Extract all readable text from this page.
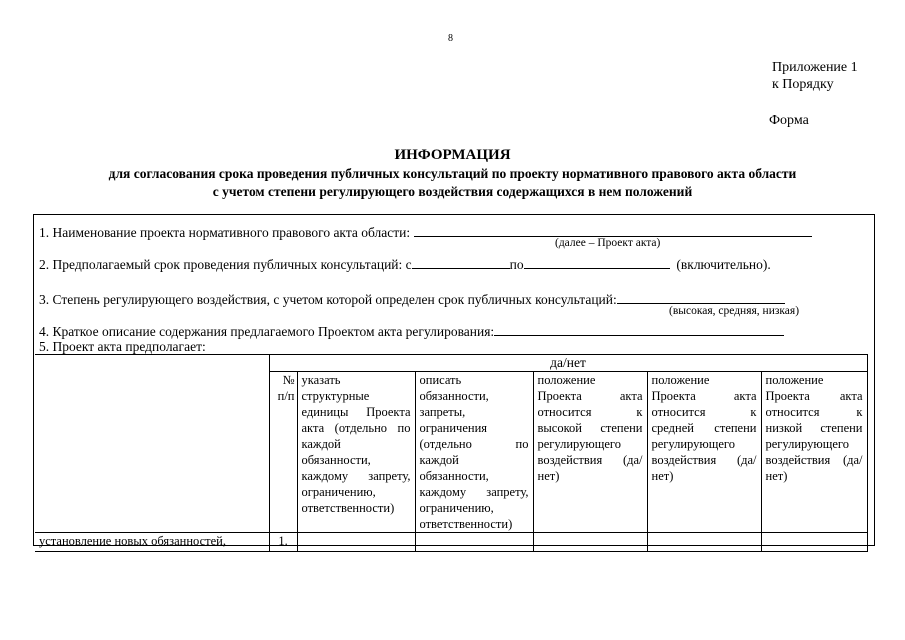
8
Приложение 1
к Порядку
Форма
ИНФОРМАЦИЯ
для согласования срока проведения публичных консультаций по проекту нормативного правового акта области
с учетом степени регулирующего воздействия содержащихся в нем положений
1. Наименование проекта нормативного правового акта области:
(далее – Проект акта)
2. Предполагаемый срок проведения публичных консультаций: с	по	(включительно).
3. Степень регулирующего воздействия, с учетом которой определен срок публичных консультаций:
(высокая, средняя, низкая)
4. Краткое описание содержания предлагаемого Проектом акта регулирования:
5. Проект акта предполагает:
	да/нет					
	№ п/п	указать структурные единицы Проекта акта (отдельно по каждой обязанности, каждому запрету, ограничению, ответственности)	описать обязанности, запреты, ограничения (отдельно по каждой обязанности, каждому запрету, ограничению, ответственности)	положение Проекта акта относится к высокой степени регулирующего воздействия (да/нет)	положение Проекта акта относится к средней степени регулирующего воздействия (да/нет)	положение Проекта акта относится к низкой степени регулирующего воздействия (да/нет)
установление новых обязанностей,	1.					
